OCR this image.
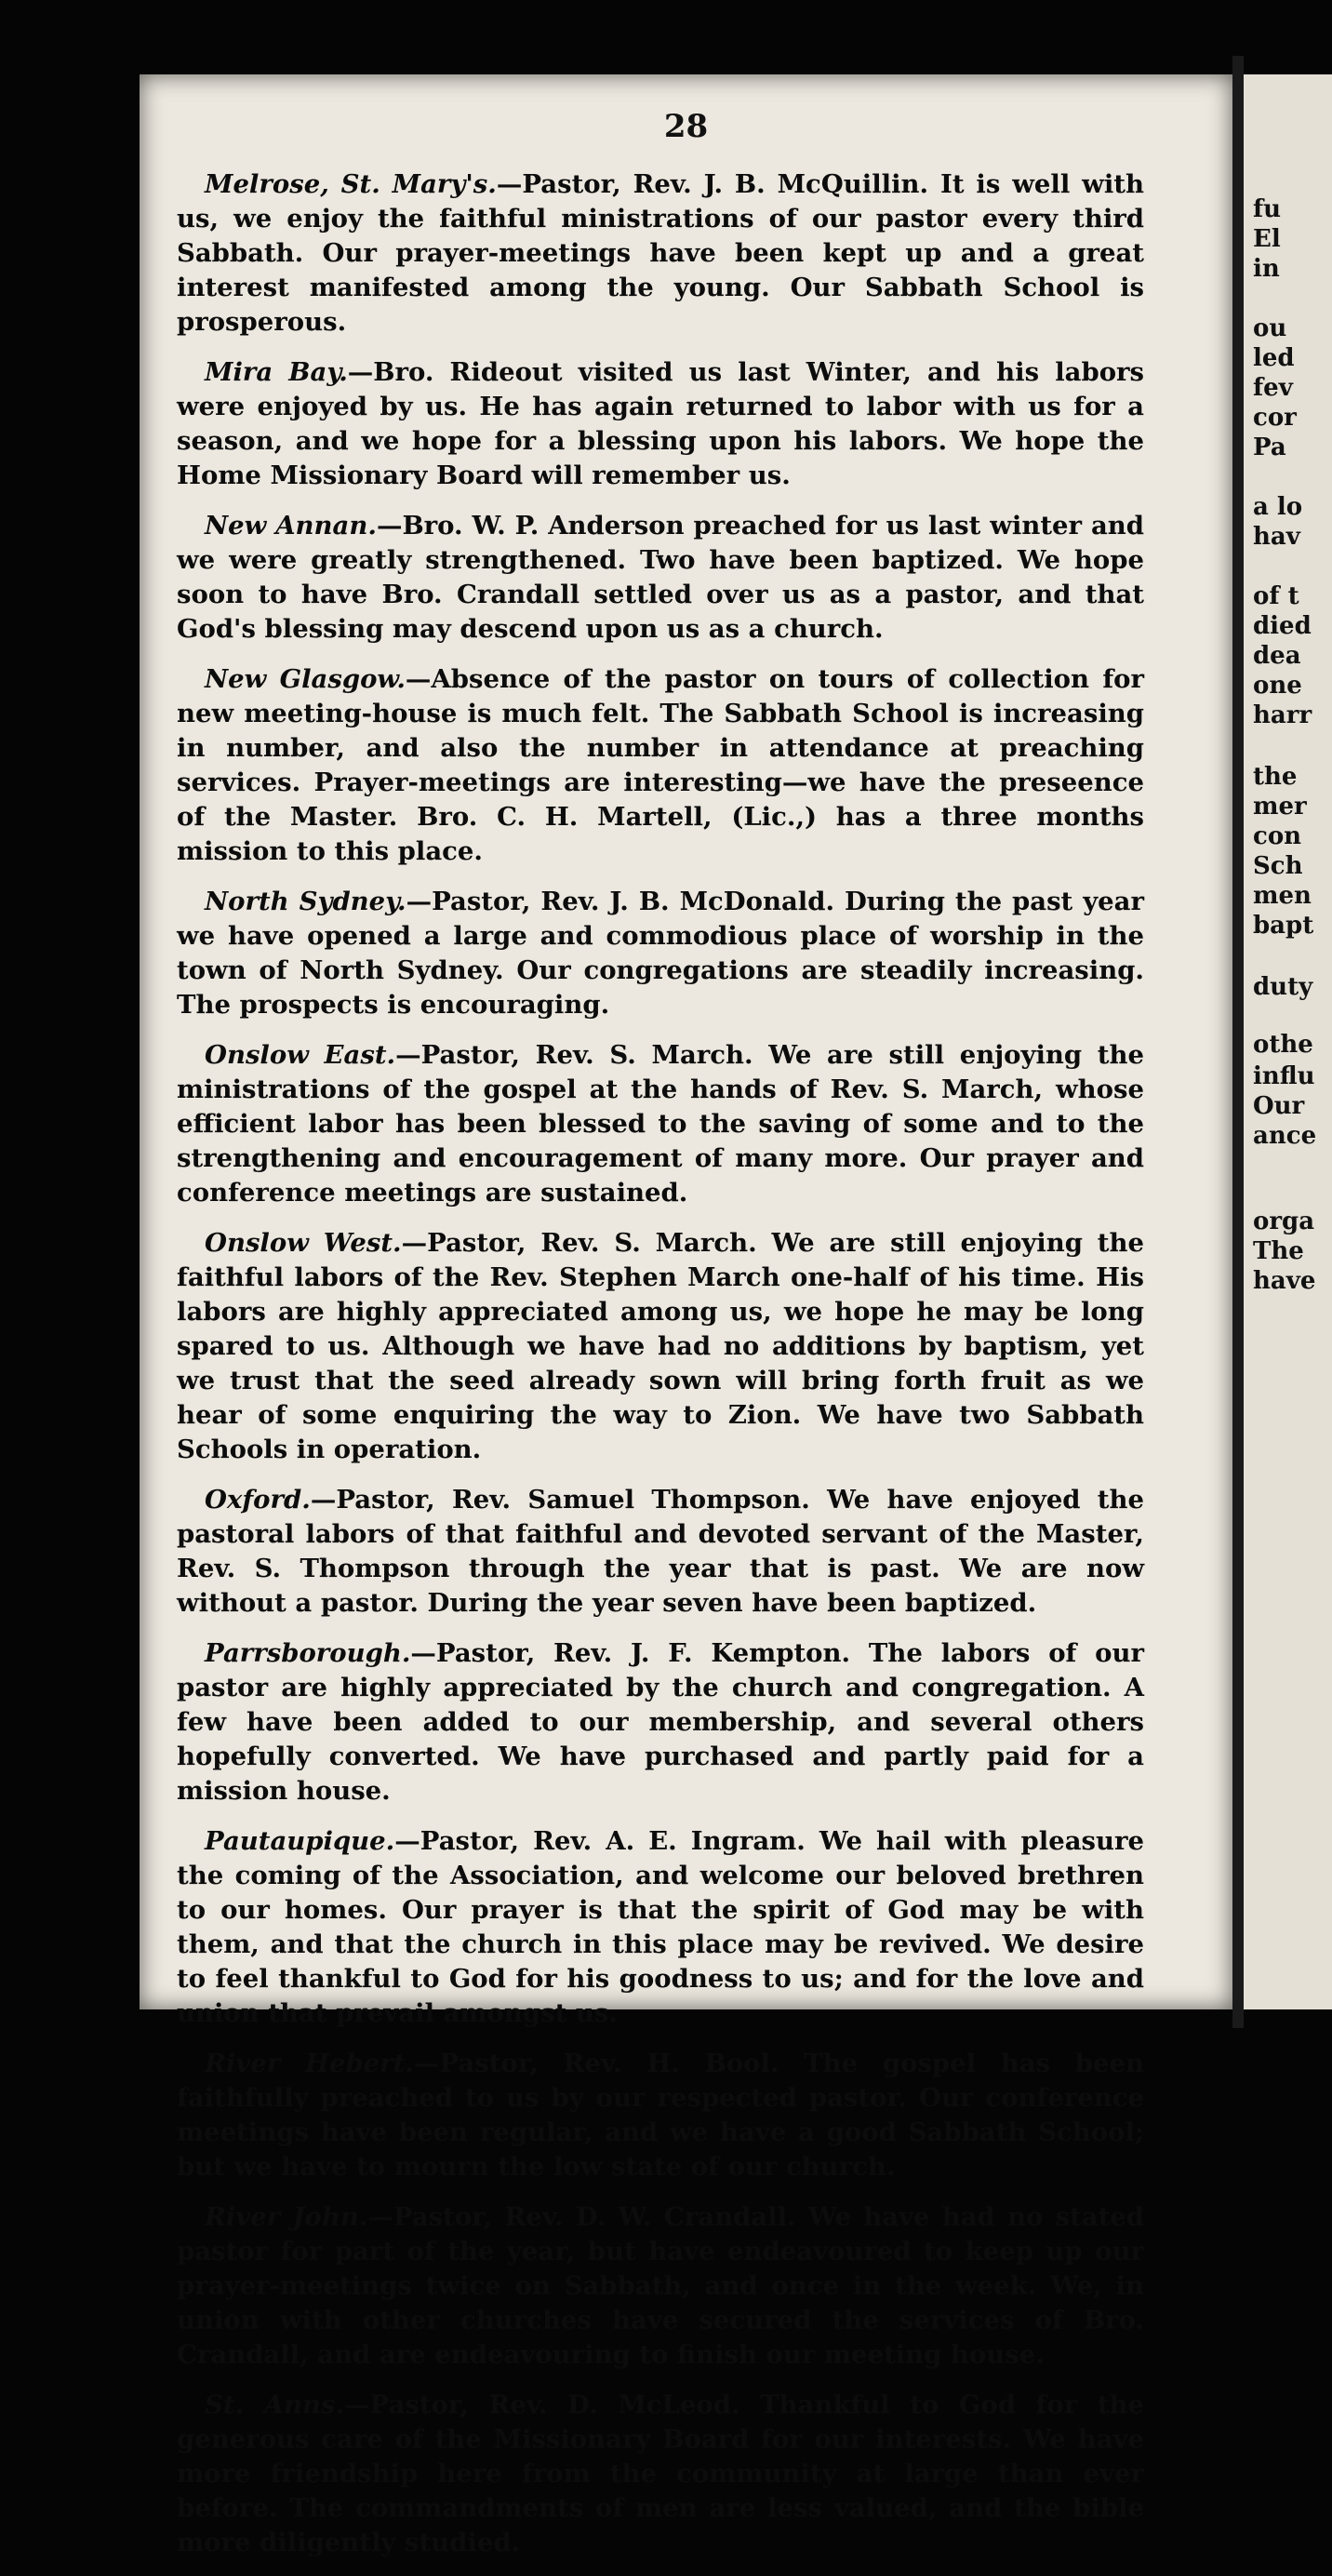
28

Melrose, St. Mary's.—Pastor, Rev. J. B. McQuillin. It is well with us, we enjoy the faithful ministrations of our pastor every third Sabbath. Our prayer-meetings have been kept up and a great interest manifested among the young. Our Sabbath School is prosperous.

Mira Bay.—Bro. Rideout visited us last Winter, and his labors were enjoyed by us. He has again returned to labor with us for a season, and we hope for a blessing upon his labors. We hope the Home Missionary Board will remember us.

New Annan.—Bro. W. P. Anderson preached for us last winter and we were greatly strengthened. Two have been baptized. We hope soon to have Bro. Crandall settled over us as a pastor, and that God's blessing may descend upon us as a church.

New Glasgow.—Absence of the pastor on tours of collection for new meeting-house is much felt. The Sabbath School is increasing in number, and also the number in attendance at preaching services. Prayer-meetings are interesting—we have the preseence of the Master. Bro. C. H. Martell, (Lic.,) has a three months mission to this place.

North Sydney.—Pastor, Rev. J. B. McDonald. During the past year we have opened a large and commodious place of worship in the town of North Sydney. Our congregations are steadily increasing. The prospects is encouraging.

Onslow East.—Pastor, Rev. S. March. We are still enjoying the ministrations of the gospel at the hands of Rev. S. March, whose efficient labor has been blessed to the saving of some and to the strengthening and encouragement of many more. Our prayer and conference meetings are sustained.

Onslow West.—Pastor, Rev. S. March. We are still enjoying the faithful labors of the Rev. Stephen March one-half of his time. His labors are highly appreciated among us, we hope he may be long spared to us. Although we have had no additions by baptism, yet we trust that the seed already sown will bring forth fruit as we hear of some enquiring the way to Zion. We have two Sabbath Schools in operation.

Oxford.—Pastor, Rev. Samuel Thompson. We have enjoyed the pastoral labors of that faithful and devoted servant of the Master, Rev. S. Thompson through the year that is past. We are now without a pastor. During the year seven have been baptized.

Parrsborough.—Pastor, Rev. J. F. Kempton. The labors of our pastor are highly appreciated by the church and congregation. A few have been added to our membership, and several others hopefully converted. We have purchased and partly paid for a mission house.

Pautaupique.—Pastor, Rev. A. E. Ingram. We hail with pleasure the coming of the Association, and welcome our beloved brethren to our homes. Our prayer is that the spirit of God may be with them, and that the church in this place may be revived. We desire to feel thankful to God for his goodness to us; and for the love and union that prevail amongst us.

River Hebert.—Pastor, Rev. H. Bool. The gospel has been faithfully preached to us by our respected pastor. Our conference meetings have been regular, and we have a good Sabbath School; but we have to mourn the low state of our church.

River John.—Pastor, Rev. D. W. Crandall. We have had no stated pastor for part of the year, but have endeavoured to keep up our prayer-meetings twice on Sabbath, and once in the week. We, in union with other churches have secured the services of Bro. Crandall, and are endeavouring to finish our meeting house.

St. Anns.—Pastor, Rev. D. McLeod. Thankful to God for the generous care of the Missionary Board for our interests. We have more friendship here from the community at large than ever before. The commandments of men are less valued, and the bible more diligently studied.

fu
El
in
ou
led
fev
cor
Pa
a lo
hav
of t
died
dea
one
harr
the
mer
con
Sch
men
bapt
duty
othe
influ
Our
ance
orga
The
have
